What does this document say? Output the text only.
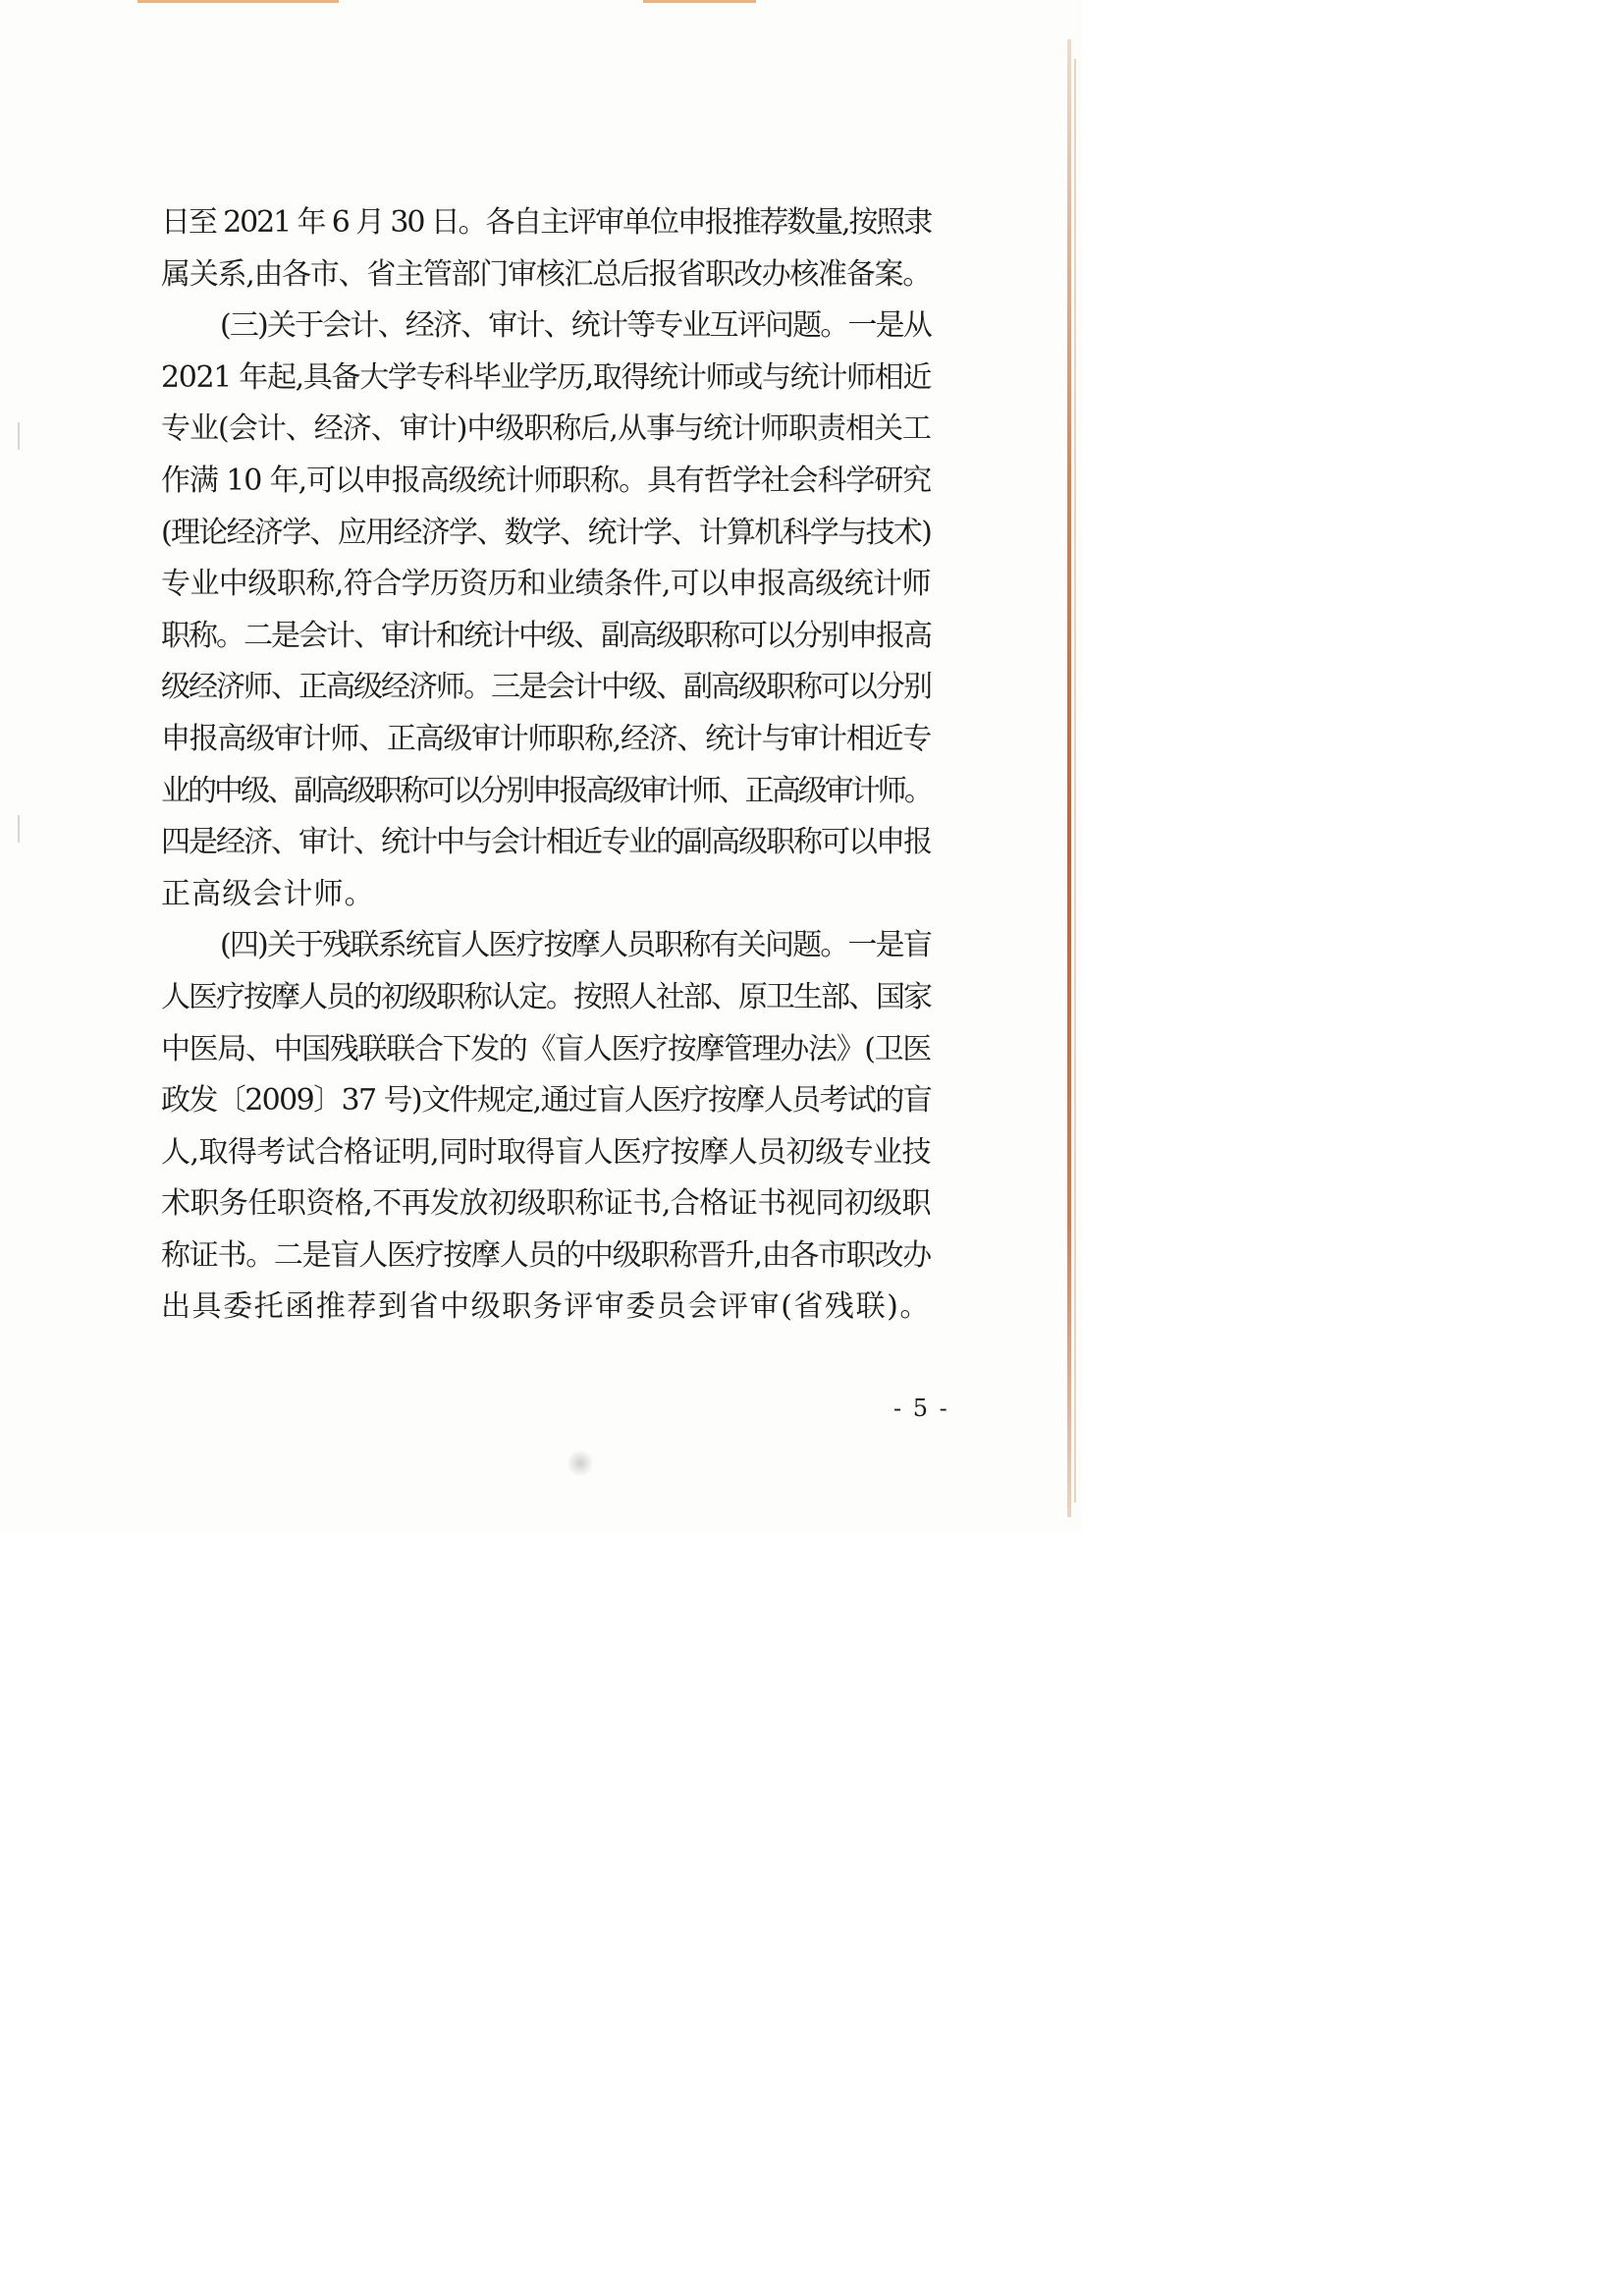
日至 2021 年 6 月 30 日。各自主评审单位申报推荐数量,按照隶
属关系,由各市、省主管部门审核汇总后报省职改办核准备案。
(三)关于会计、经济、审计、统计等专业互评问题。一是从
2021 年起,具备大学专科毕业学历,取得统计师或与统计师相近
专业(会计、经济、审计)中级职称后,从事与统计师职责相关工
作满 10 年,可以申报高级统计师职称。具有哲学社会科学研究
(理论经济学、应用经济学、数学、统计学、计算机科学与技术)
专业中级职称,符合学历资历和业绩条件,可以申报高级统计师
职称。二是会计、审计和统计中级、副高级职称可以分别申报高
级经济师、正高级经济师。三是会计中级、副高级职称可以分别
申报高级审计师、正高级审计师职称,经济、统计与审计相近专
业的中级、副高级职称可以分别申报高级审计师、正高级审计师。
四是经济、审计、统计中与会计相近专业的副高级职称可以申报
正高级会计师。
(四)关于残联系统盲人医疗按摩人员职称有关问题。一是盲
人医疗按摩人员的初级职称认定。按照人社部、原卫生部、国家
中医局、中国残联联合下发的《盲人医疗按摩管理办法》(卫医
政发〔2009〕37 号)文件规定,通过盲人医疗按摩人员考试的盲
人,取得考试合格证明,同时取得盲人医疗按摩人员初级专业技
术职务任职资格,不再发放初级职称证书,合格证书视同初级职
称证书。二是盲人医疗按摩人员的中级职称晋升,由各市职改办
出具委托函推荐到省中级职务评审委员会评审(省残联)。
- 5 -
